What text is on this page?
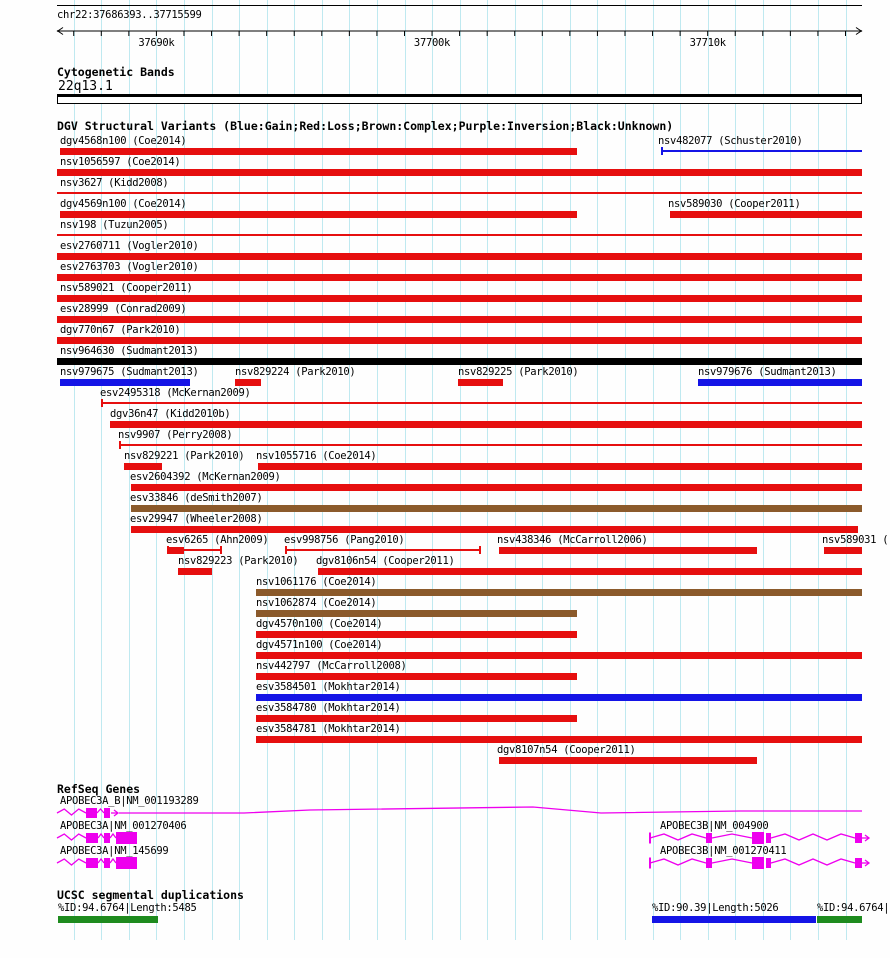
chr22:37686393..37715599
37690k	37700k	37710k
Cytogenetic Bands
22q13.1
DGV Structural Variants (Blue:Gain;Red:Loss;Brown:Complex;Purple:Inversion;Black:Unknown)
dgv4568n100 (Coe2014)	nsv482077 (Schuster2010)
nsv1056597 (Coe2014)
nsv3627 (Kidd2008)
dgv4569n100 (Coe2014)	nsv589030 (Cooper2011)
nsv198 (Tuzun2005)
esv2760711 (Vogler2010)
esv2763703 (Vogler2010)
nsv589021 (Cooper2011)
esv28999 (Conrad2009)
dgv770n67 (Park2010)
nsv964630 (Sudmant2013)
nsv979675 (Sudmant2013)	nsv829224 (Park2010)	nsv829225 (Park2010)	nsv979676 (Sudmant2013)
esv2495318 (McKernan2009)
dgv36n47 (Kidd2010b)
nsv9907 (Perry2008)
nsv829221 (Park2010) nsv1055716 (Coe2014)
esv2604392 (McKernan2009)
esv33846 (deSmith2007)
esv29947 (Wheeler2008)
esv6265 (Ahn2009) esv998756 (Pang2010)	nsv438346 (McCarroll2006)	nsv589031 (
nsv829223 (Park2010) dgv8106n54 (Cooper2011)
nsv1061176 (Coe2014)
nsv1062874 (Coe2014)
dgv4570n100 (Coe2014)
dgv4571n100 (Coe2014)
nsv442797 (McCarroll2008)
esv3584501 (Mokhtar2014)
esv3584780 (Mokhtar2014)
esv3584781 (Mokhtar2014)
dgv8107n54 (Cooper2011)
RefSeq Genes
APOBEC3A_B|NM_001193289
APOBEC3A|NM_001270406	APOBEC3B|NM_004900
APOBEC3A|NM_145699	APOBEC3B|NM_001270411
UCSC segmental duplications
%ID:94.6764|Length:5485	%ID:90.39|Length:5026	%ID:94.6764|
